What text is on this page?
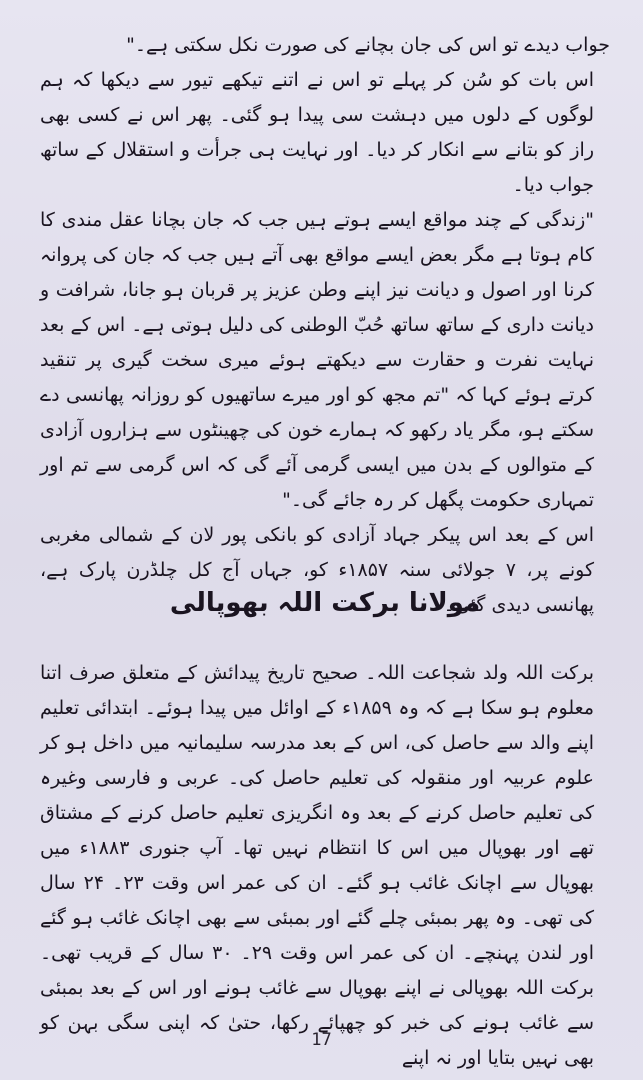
جواب دیدے تو اس کی جان بچانے کی صورت نکل سکتی ہے۔"

اس بات کو سُن کر پہلے تو اس نے اتنے تیکھے تیور سے دیکھا کہ ہم لوگوں کے دلوں میں دہشت سی پیدا ہو گئی۔ پھر اس نے کسی بھی راز کو بتانے سے انکار کر دیا۔ اور نہایت ہی جرأت و استقلال کے ساتھ جواب دیا۔

"زندگی کے چند مواقع ایسے ہوتے ہیں جب کہ جان بچانا عقل مندی کا کام ہوتا ہے مگر بعض ایسے مواقع بھی آتے ہیں جب کہ جان کی پروانہ کرنا اور اصول و دیانت نیز اپنے وطن عزیز پر قربان ہو جانا، شرافت و دیانت داری کے ساتھ ساتھ حُبّ الوطنی کی دلیل ہوتی ہے۔ اس کے بعد نہایت نفرت و حقارت سے دیکھتے ہوئے میری سخت گیری پر تنقید کرتے ہوئے کہا کہ "تم مجھ کو اور میرے ساتھیوں کو روزانہ پھانسی دے سکتے ہو، مگر یاد رکھو کہ ہمارے خون کی چھینٹوں سے ہزاروں آزادی کے متوالوں کے بدن میں ایسی گرمی آئے گی کہ اس گرمی سے تم اور تمہاری حکومت پگھل کر رہ جائے گی۔"

اس کے بعد اس پیکر جہاد آزادی کو بانکی پور لان کے شمالی مغربی کونے پر، ۷ جولائی سنہ ۱۸۵۷ء کو، جہاں آج کل چلڈرن پارک ہے، پھانسی دیدی گئی۔

مولانا برکت اللہ بھوپالی

برکت اللہ ولد شجاعت اللہ۔ صحیح تاریخ پیدائش کے متعلق صرف اتنا معلوم ہو سکا ہے کہ وہ ۱۸۵۹ء کے اوائل میں پیدا ہوئے۔ ابتدائی تعلیم اپنے والد سے حاصل کی، اس کے بعد مدرسہ سلیمانیہ میں داخل ہو کر علوم عربیہ اور منقولہ کی تعلیم حاصل کی۔ عربی و فارسی وغیرہ کی تعلیم حاصل کرنے کے بعد وہ انگریزی تعلیم حاصل کرنے کے مشتاق تھے اور بھوپال میں اس کا انتظام نہیں تھا۔ آپ جنوری ۱۸۸۳ء میں بھوپال سے اچانک غائب ہو گئے۔ ان کی عمر اس وقت ۲۳۔ ۲۴ سال کی تھی۔ وہ پھر بمبئی چلے گئے اور بمبئی سے بھی اچانک غائب ہو گئے اور لندن پہنچے۔ ان کی عمر اس وقت ۲۹۔ ۳۰ سال کے قریب تھی۔ برکت اللہ بھوپالی نے اپنے بھوپال سے غائب ہونے اور اس کے بعد بمبئی سے غائب ہونے کی خبر کو چھپائے رکھا، حتیٰ کہ اپنی سگی بہن کو بھی نہیں بتایا اور نہ اپنے

17
